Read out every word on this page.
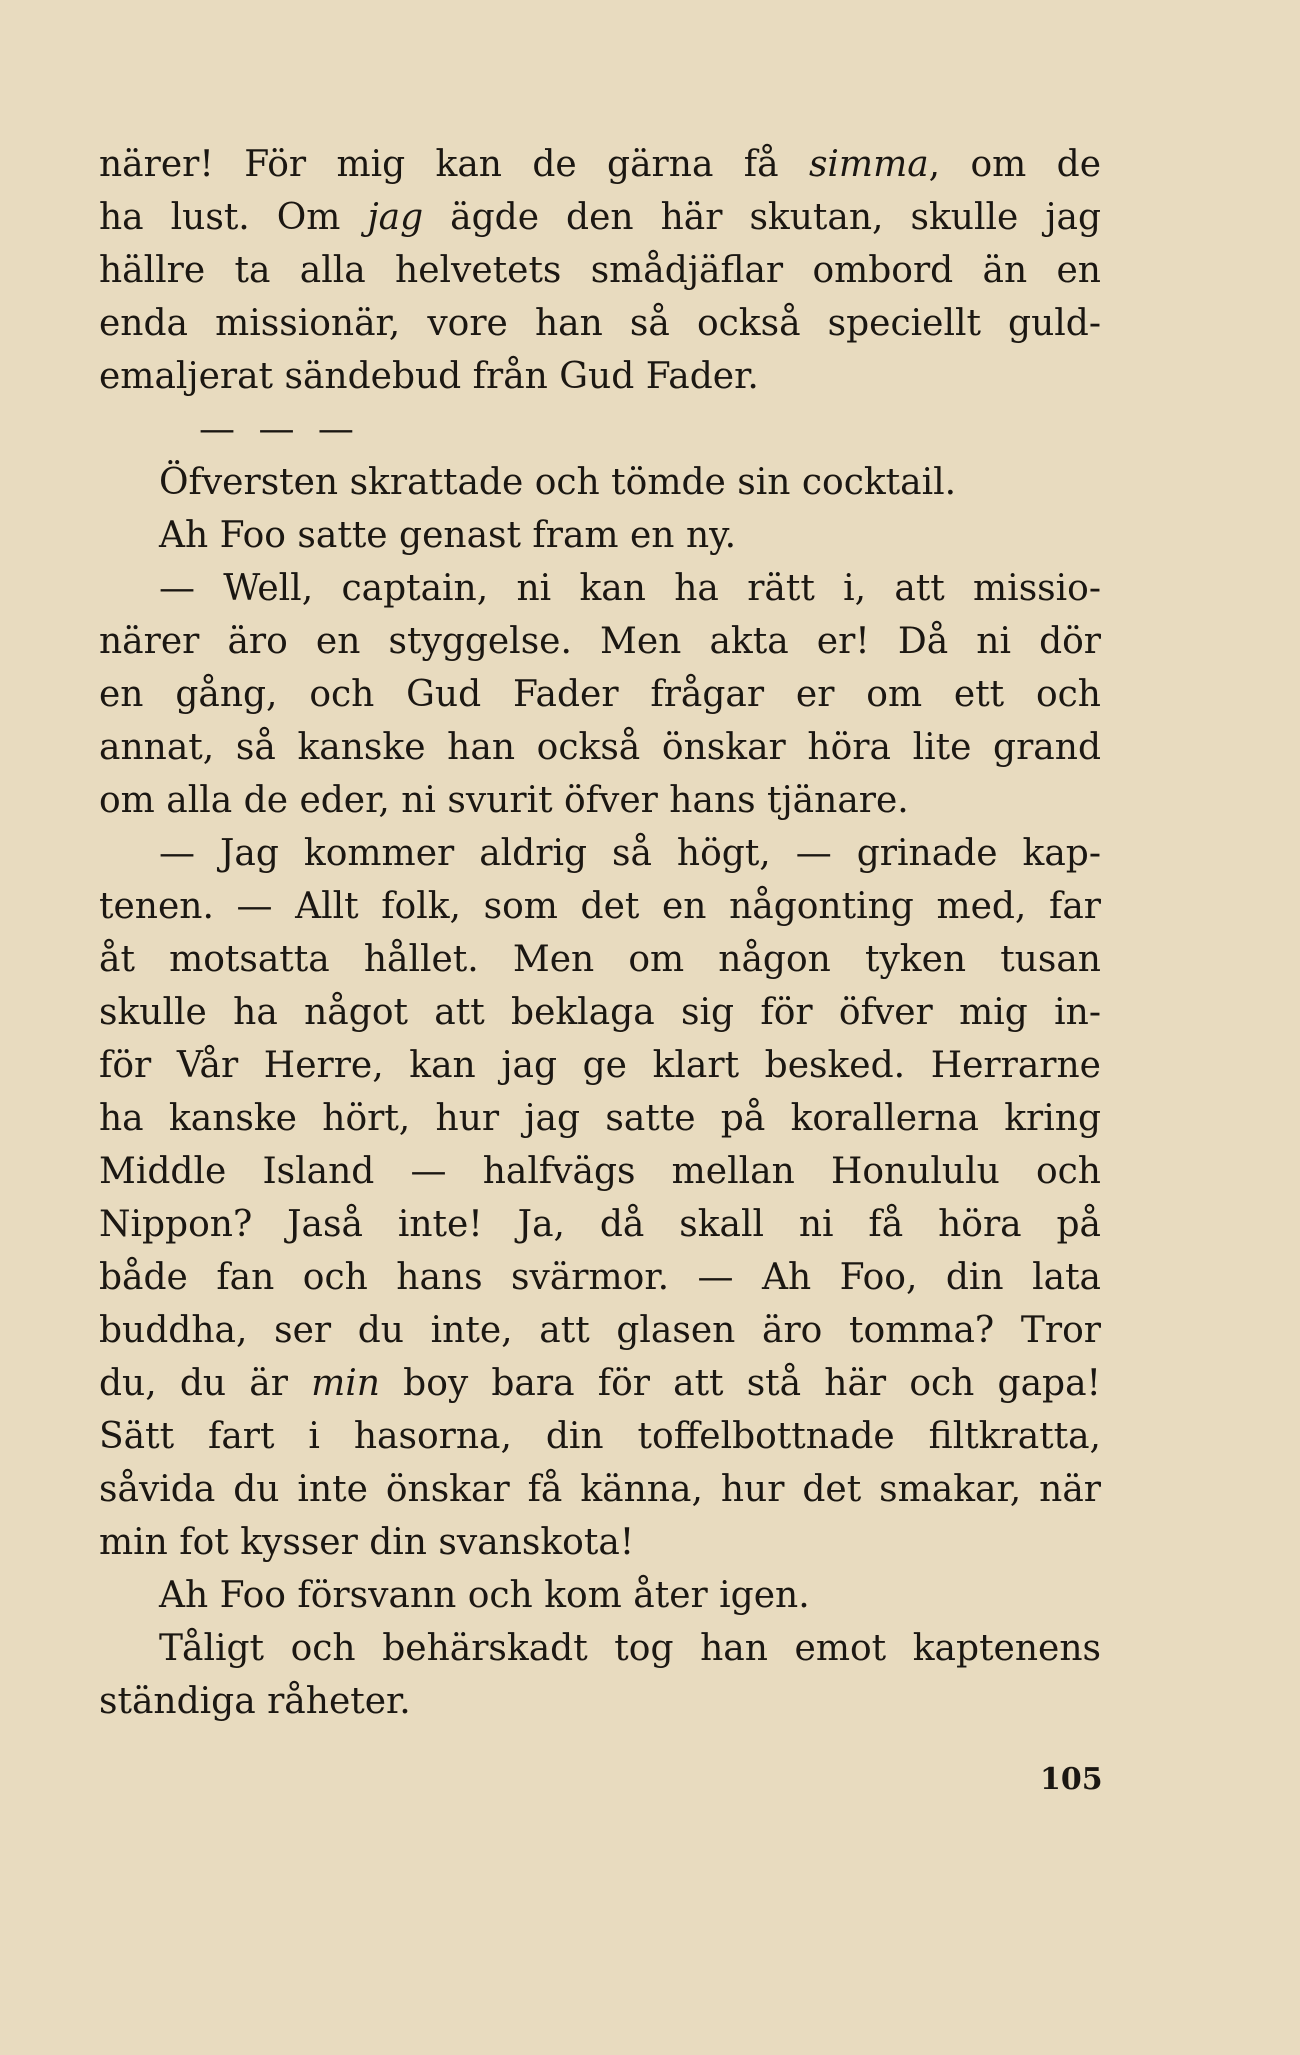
närer! För mig kan de gärna få simma, om de
ha lust. Om jag ägde den här skutan, skulle jag
hällre ta alla helvetets smådjäflar ombord än en
enda missionär, vore han så också speciellt guld-
emaljerat sändebud från Gud Fader.
— — —
Öfversten skrattade och tömde sin cocktail.
Ah Foo satte genast fram en ny.
— Well, captain, ni kan ha rätt i, att missio-
närer äro en styggelse. Men akta er! Då ni dör
en gång, och Gud Fader frågar er om ett och
annat, så kanske han också önskar höra lite grand
om alla de eder, ni svurit öfver hans tjänare.
— Jag kommer aldrig så högt, — grinade kap-
tenen. — Allt folk, som det en någonting med, far
åt motsatta hållet. Men om någon tyken tusan
skulle ha något att beklaga sig för öfver mig in-
för Vår Herre, kan jag ge klart besked. Herrarne
ha kanske hört, hur jag satte på korallerna kring
Middle Island — halfvägs mellan Honululu och
Nippon? Jaså inte! Ja, då skall ni få höra på
både fan och hans svärmor. — Ah Foo, din lata
buddha, ser du inte, att glasen äro tomma? Tror
du, du är min boy bara för att stå här och gapa!
Sätt fart i hasorna, din toffelbottnade filtkratta,
såvida du inte önskar få känna, hur det smakar, när
min fot kysser din svanskota!
Ah Foo försvann och kom åter igen.
Tåligt och behärskadt tog han emot kaptenens
ständiga råheter.
105
